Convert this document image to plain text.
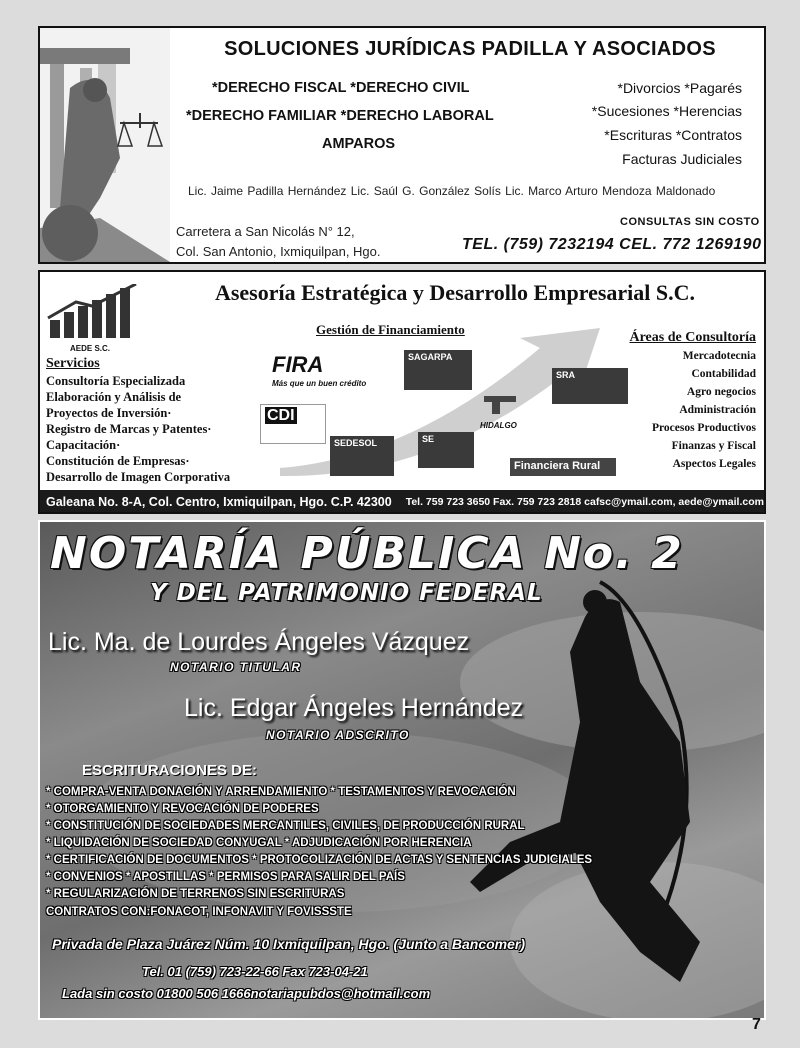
SOLUCIONES JURÍDICAS PADILLA Y ASOCIADOS
*DERECHO FISCAL *DERECHO CIVIL
*DERECHO FAMILIAR *DERECHO LABORAL
AMPAROS
*Divorcios *Pagarés
*Sucesiones *Herencias
*Escrituras *Contratos
Facturas Judiciales
Lic. Jaime Padilla Hernández Lic. Saúl G. González Solís Lic. Marco Arturo Mendoza Maldonado
Carretera a San Nicolás N° 12,
Col. San Antonio, Ixmiquilpan, Hgo.
CONSULTAS SIN COSTO
TEL. (759) 7232194 CEL. 772 1269190
AEDE S.C.
Asesoría Estratégica y Desarrollo Empresarial S.C.
Gestión de Financiamiento
FIRA
Más que un buen crédito
SAGARPA
SRA
CDI
SEDESOL	SE

HIDALGO
Financiera Rural
Áreas de Consultoría
Mercadotecnia
Contabilidad
Agro negocios
Administración
Procesos Productivos
Finanzas y Fiscal
Aspectos Legales
Servicios
Consultoría Especializada
Elaboración y Análisis de
Proyectos de Inversión·
Registro de Marcas y Patentes·
Capacitación·
Constitución de Empresas·
Desarrollo de Imagen Corporativa
Galeana No. 8-A, Col. Centro, Ixmiquilpan, Hgo. C.P. 42300 Tel. 759 723 3650 Fax. 759 723 2818 cafsc@ymail.com, aede@ymail.com
NOTARÍA PÚBLICA No. 2
Y DEL PATRIMONIO FEDERAL
Lic. Ma. de Lourdes Ángeles Vázquez
NOTARIO TITULAR
Lic. Edgar Ángeles Hernández
NOTARIO ADSCRITO
ESCRITURACIONES DE:
* COMPRA-VENTA DONACIÓN Y ARRENDAMIENTO * TESTAMENTOS Y REVOCACIÓN
* OTORGAMIENTO Y REVOCACIÓN DE PODERES
* CONSTITUCIÓN DE SOCIEDADES MERCANTILES, CIVILES, DE PRODUCCIÓN RURAL
* LIQUIDACIÓN DE SOCIEDAD CONYUGAL * ADJUDICACIÓN POR HERENCIA
* CERTIFICACIÓN DE DOCUMENTOS * PROTOCOLIZACIÓN DE ACTAS Y SENTENCIAS JUDICIALES
* CONVENIOS * APOSTILLAS * PERMISOS PARA SALIR DEL PAÍS
* REGULARIZACIÓN DE TERRENOS SIN ESCRITURAS
CONTRATOS CON:FONACOT, INFONAVIT Y FOVISSSTE
Privada de Plaza Juárez Núm. 10 Ixmiquilpan, Hgo. (Junto a Bancomer)
Tel. 01 (759) 723-22-66 Fax 723-04-21
Lada sin costo 01800 506 1666notariapubdos@hotmail.com
7
